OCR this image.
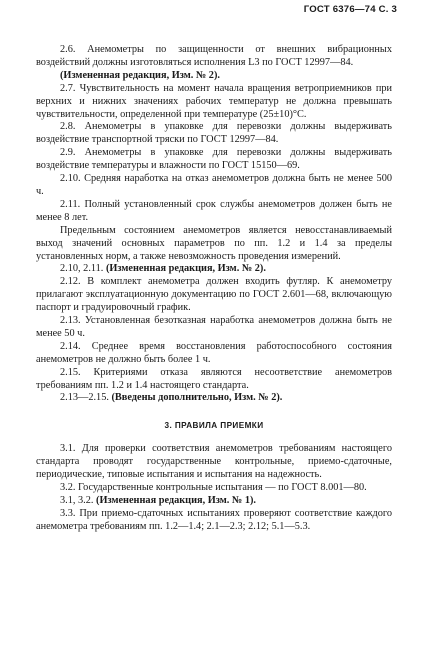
ГОСТ 6376—74 С. 3

2.6. Анемометры по защищенности от внешних вибрационных воздействий должны изготовляться исполнения L3 по ГОСТ 12997—84.

(Измененная редакция, Изм. № 2).

2.7. Чувствительность на момент начала вращения ветроприемников при верхних и нижних значениях рабочих температур не должна превышать чувствительности, определенной при температуре (25±10)°C.

2.8. Анемометры в упаковке для перевозки должны выдерживать воздействие транспортной тряски по ГОСТ 12997—84.

2.9. Анемометры в упаковке для перевозки должны выдерживать воздействие температуры и влажности по ГОСТ 15150—69.

2.10. Средняя наработка на отказ анемометров должна быть не менее 500 ч.

2.11. Полный установленный срок службы анемометров должен быть не менее 8 лет.

Предельным состоянием анемометров является невосстанавливаемый выход значений основных параметров по пп. 1.2 и 1.4 за пределы установленных норм, а также невозможность проведения измерений.

2.10, 2.11. (Измененная редакция, Изм. № 2).

2.12. В комплект анемометра должен входить футляр. К анемометру прилагают эксплуатационную документацию по ГОСТ 2.601—68, включающую паспорт и градуировочный график.

2.13. Установленная безотказная наработка анемометров должна быть не менее 50 ч.

2.14. Среднее время восстановления работоспособного состояния анемометров не должно быть более 1 ч.

2.15. Критериями отказа являются несоответствие анемометров требованиям пп. 1.2 и 1.4 настоящего стандарта.

2.13—2.15. (Введены дополнительно, Изм. № 2).

3. ПРАВИЛА ПРИЕМКИ

3.1. Для проверки соответствия анемометров требованиям настоящего стандарта проводят государственные контрольные, приемо-сдаточные, периодические, типовые испытания и испытания на надежность.

3.2. Государственные контрольные испытания — по ГОСТ 8.001—80.

3.1, 3.2. (Измененная редакция, Изм. № 1).

3.3. При приемо-сдаточных испытаниях проверяют соответствие каждого анемометра требованиям пп. 1.2—1.4; 2.1—2.3; 2.12; 5.1—5.3.
